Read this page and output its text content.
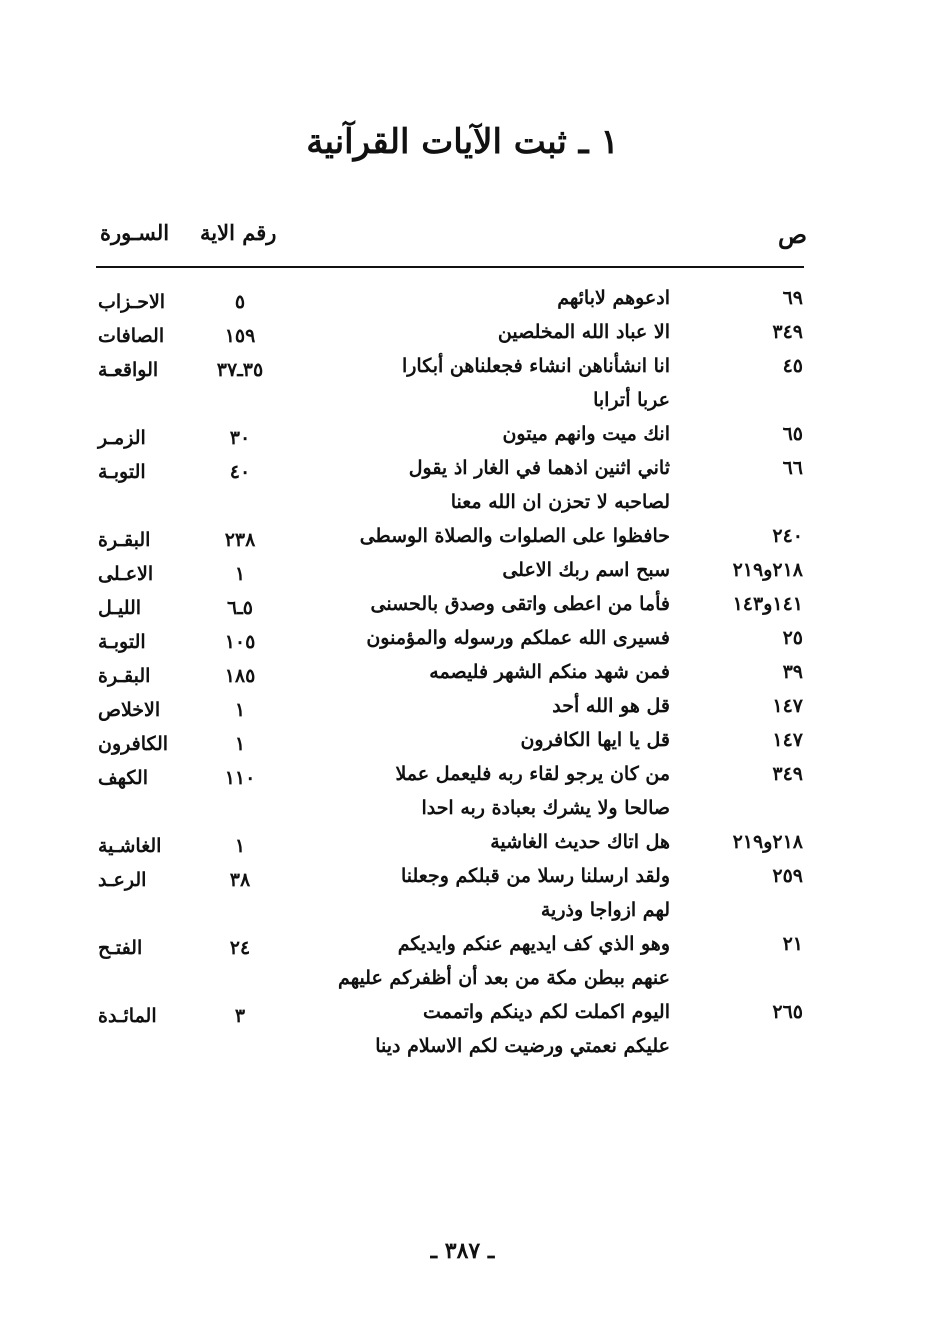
١ ـ ثبت الآيات القرآنية
ص
رقم الاية
السـورة
٦٩
ادعوهم لابائهم
٥
الاحـزاب
٣٤٩
الا عباد الله المخلصين
١٥٩
الصافات
٤٥
انا انشأناهن انشاء فجعلناهن أبكارا
عربا أترابا
٣٥ـ٣٧
الواقعـة
٦٥
انك ميت وانهم ميتون
٣٠
الزمـر
٦٦
ثاني اثنين اذهما في الغار اذ يقول
لصاحبه لا تحزن ان الله معنا
٤٠
التوبـة
٢٤٠
حافظوا على الصلوات والصلاة الوسطى
٢٣٨
البقـرة
٢١٨و٢١٩
سبح اسم ربك الاعلى
١
الاعـلى
١٤١و١٤٣
فأما من اعطى واتقى وصدق بالحسنى
٥ـ٦
الليـل
٢٥
فسيرى الله عملكم ورسوله والمؤمنون
١٠٥
التوبـة
٣٩
فمن شهد منكم الشهر فليصمه
١٨٥
البقـرة
١٤٧
قل هو الله أحد
١
الاخلاص
١٤٧
قل يا ايها الكافرون
١
الكافرون
٣٤٩
من كان يرجو لقاء ربه فليعمل عملا
صالحا ولا يشرك بعبادة ربه احدا
١١٠
الكهف
٢١٨و٢١٩
هل اتاك حديث الغاشية
١
الغاشـية
٢٥٩
ولقد ارسلنا رسلا من قبلكم وجعلنا
لهم ازواجا وذرية
٣٨
الرعـد
٢١
وهو الذي كف ايديهم عنكم وايديكم
عنهم ببطن مكة من بعد أن أظفركم عليهم
٢٤
الفتـح
٢٦٥
اليوم اكملت لكم دينكم واتممت
عليكم نعمتي ورضيت لكم الاسلام دينا
٣
المائـدة
ـ ٣٨٧ ـ
